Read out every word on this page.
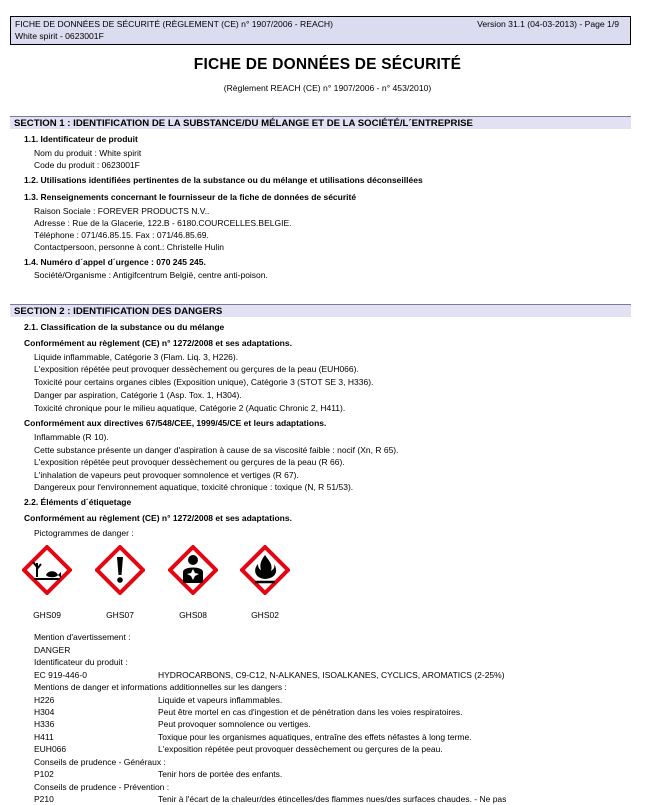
FICHE DE DONNÉES DE SÉCURITÉ (RÈGLEMENT (CE) n° 1907/2006 - REACH)	Version 31.1 (04-03-2013) - Page 1/9
White spirit - 0623001F
FICHE DE DONNÉES DE SÉCURITÉ
(Règlement REACH (CE) n° 1907/2006 - n° 453/2010)
SECTION 1 : IDENTIFICATION DE LA SUBSTANCE/DU MÉLANGE ET DE LA SOCIÉTÉ/L´ENTREPRISE
1.1. Identificateur de produit
Nom du produit : White spirit
Code du produit : 0623001F
1.2. Utilisations identifiées pertinentes de la substance ou du mélange et utilisations déconseillées
1.3. Renseignements concernant le fournisseur de la fiche de données de sécurité
Raison Sociale : FOREVER PRODUCTS N.V..
Adresse : Rue de la Glacerie, 122.B - 6180.COURCELLES.BELGIE.
Téléphone : 071/46.85.15. Fax : 071/46.85.69.
Contactpersoon, personne à cont.: Christelle Hulin
1.4. Numéro d´appel d´urgence : 070 245 245.
Société/Organisme : Antigifcentrum België, centre anti-poison.
SECTION 2 : IDENTIFICATION DES DANGERS
2.1. Classification de la substance ou du mélange
Conformément au règlement (CE) n° 1272/2008 et ses adaptations.
Liquide inflammable, Catégorie 3 (Flam. Liq. 3, H226).
L'exposition répétée peut provoquer dessèchement ou gerçures de la peau (EUH066).
Toxicité pour certains organes cibles (Exposition unique), Catégorie 3 (STOT SE 3, H336).
Danger par aspiration, Catégorie 1 (Asp. Tox. 1, H304).
Toxicité chronique pour le milieu aquatique, Catégorie 2 (Aquatic Chronic 2, H411).
Conformément aux directives 67/548/CEE, 1999/45/CE et leurs adaptations.
Inflammable (R 10).
Cette substance présente un danger d'aspiration à cause de sa viscosité faible : nocif (Xn, R 65).
L'exposition répétée peut provoquer dessèchement ou gerçures de la peau (R 66).
L'inhalation de vapeurs peut provoquer somnolence et vertiges (R 67).
Dangereux pour l'environnement aquatique, toxicité chronique : toxique (N, R 51/53).
2.2. Éléments d´étiquetage
Conformément au règlement (CE) n° 1272/2008 et ses adaptations.
Pictogrammes de danger :
GHS09	GHS07	GHS08	GHS02
Mention d'avertissement :
DANGER
Identificateur du produit :
EC 919-446-0	HYDROCARBONS, C9-C12, N-ALKANES, ISOALKANES, CYCLICS, AROMATICS (2-25%)
Mentions de danger et informations additionnelles sur les dangers :
H226	Liquide et vapeurs inflammables.
H304	Peut être mortel en cas d'ingestion et de pénétration dans les voies respiratoires.
H336	Peut provoquer somnolence ou vertiges.
H411	Toxique pour les organismes aquatiques, entraîne des effets néfastes à long terme.
EUH066	L'exposition répétée peut provoquer dessèchement ou gerçures de la peau.
Conseils de prudence - Généraux :
P102	Tenir hors de portée des enfants.
Conseils de prudence - Prévention :
P210	Tenir à l'écart de la chaleur/des étincelles/des flammes nues/des surfaces chaudes. - Ne pas
